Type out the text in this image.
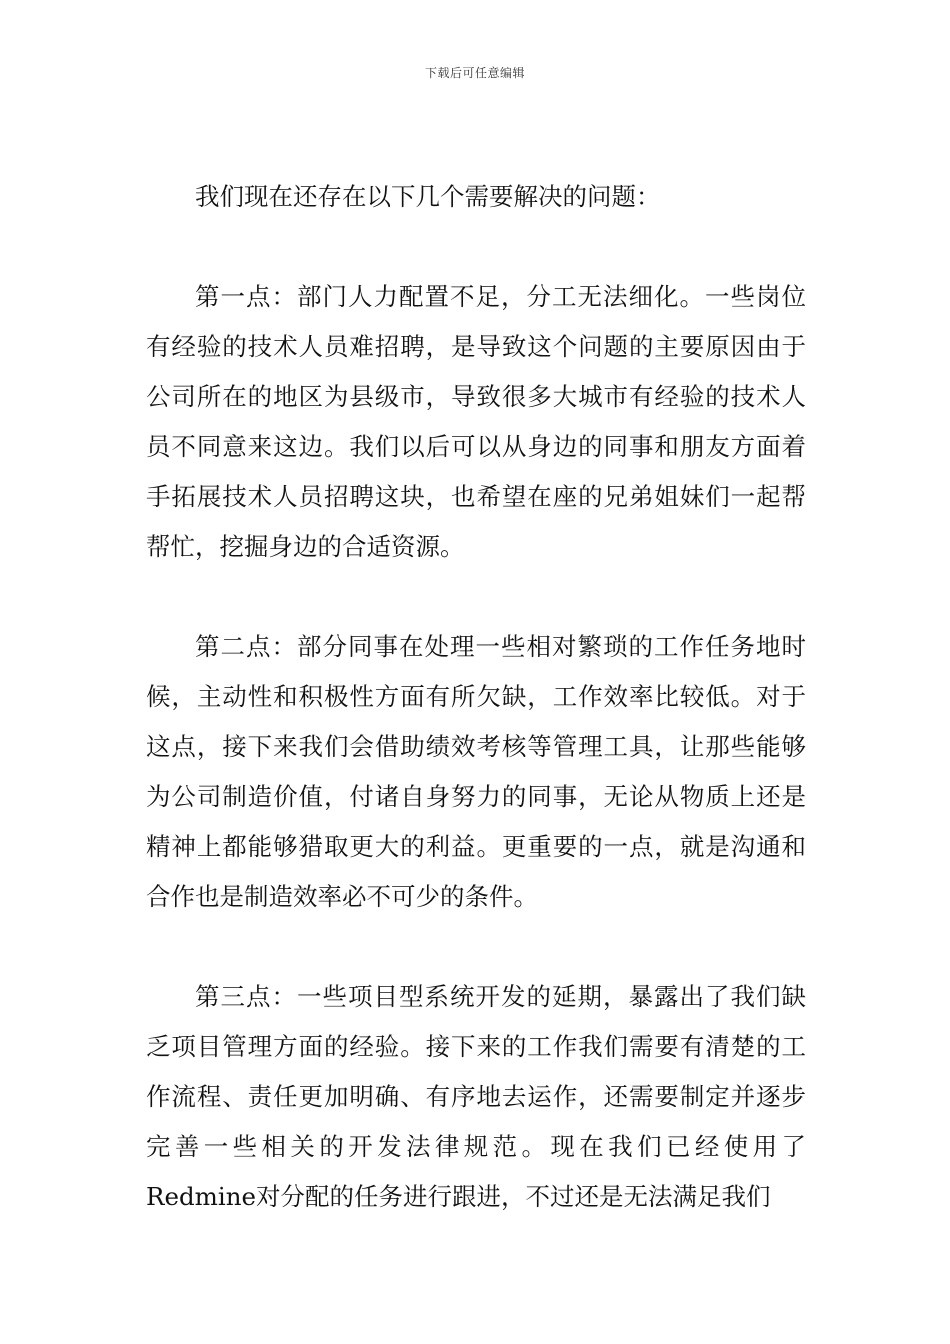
下载后可任意编辑

我们现在还存在以下几个需要解决的问题：

第一点：部门人力配置不足，分工无法细化。一些岗位有经验的技术人员难招聘，是导致这个问题的主要原因由于公司所在的地区为县级市，导致很多大城市有经验的技术人员不同意来这边。我们以后可以从身边的同事和朋友方面着手拓展技术人员招聘这块，也希望在座的兄弟姐妹们一起帮帮忙，挖掘身边的合适资源。

第二点：部分同事在处理一些相对繁琐的工作任务地时候，主动性和积极性方面有所欠缺，工作效率比较低。对于这点，接下来我们会借助绩效考核等管理工具，让那些能够为公司制造价值，付诸自身努力的同事，无论从物质上还是精神上都能够猎取更大的利益。更重要的一点，就是沟通和合作也是制造效率必不可少的条件。

第三点：一些项目型系统开发的延期，暴露出了我们缺乏项目管理方面的经验。接下来的工作我们需要有清楚的工作流程、责任更加明确、有序地去运作，还需要制定并逐步完善一些相关的开发法律规范。现在我们已经使用了Redmine对分配的任务进行跟进，不过还是无法满足我们
